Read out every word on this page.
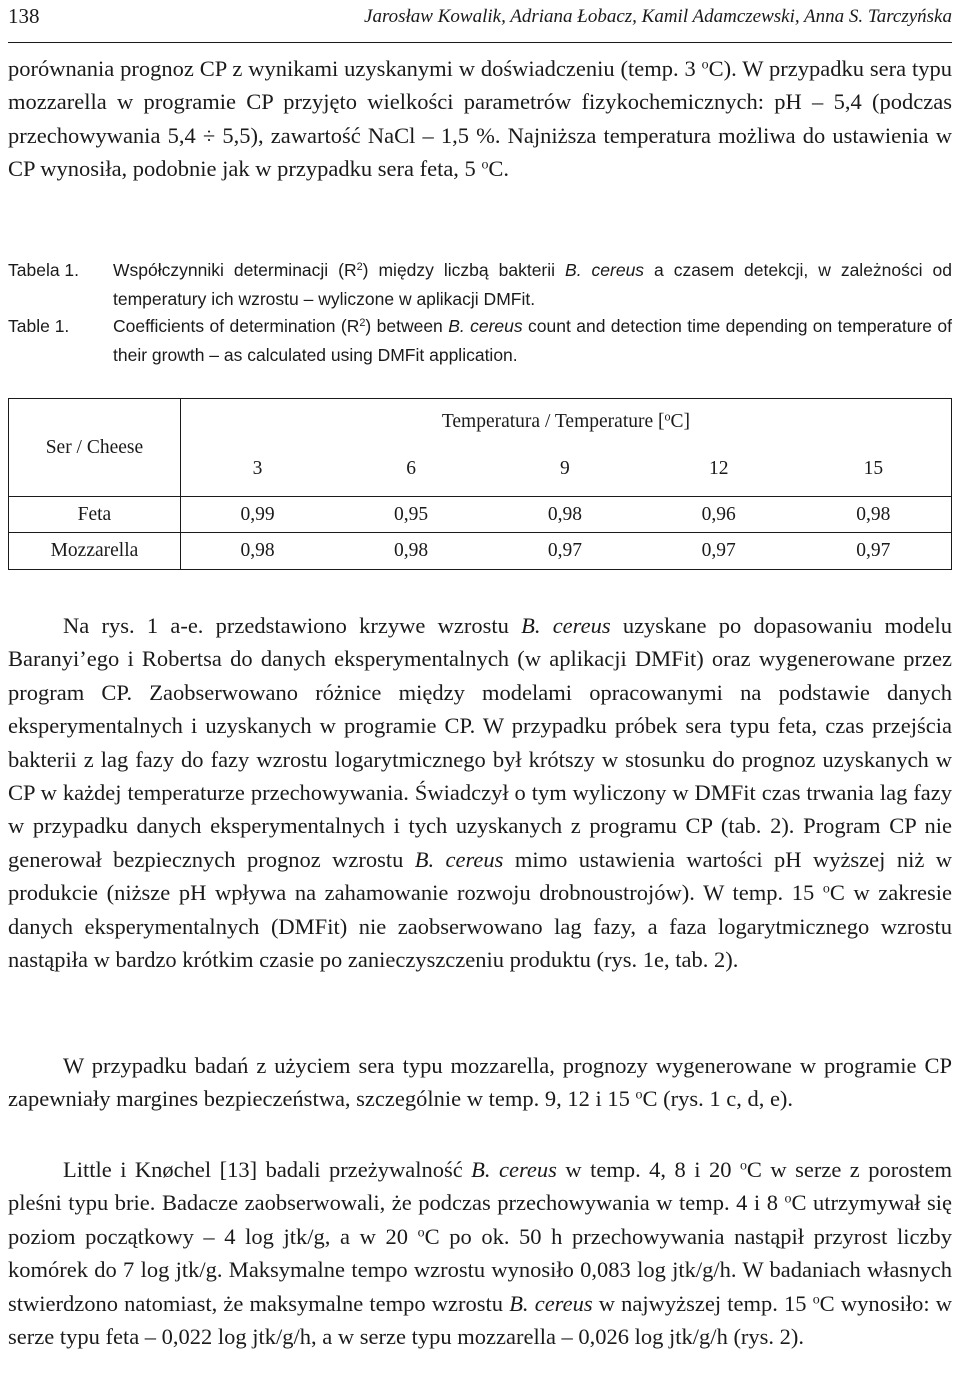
138	Jarosław Kowalik, Adriana Łobacz, Kamil Adamczewski, Anna S. Tarczyńska

porównania prognoz CP z wynikami uzyskanymi w doświadczeniu (temp. 3 $^o$C). W przypadku sera typu mozzarella w programie CP przyjęto wielkości parametrów fizykochemicznych: pH – 5,4 (podczas przechowywania 5,4 ÷ 5,5), zawartość NaCl – 1,5 %. Najniższa temperatura możliwa do ustawienia w CP wynosiła, podobnie jak w przypadku sera feta, 5 $^o$C.

Tabela 1.	Współczynniki determinacji $(R^2)$ między liczbą bakterii B. cereus a czasem detekcji, w zależności od temperatury ich wzrostu – wyliczone w aplikacji DMFit.
Table 1.	Coefficients of determination $(R^2)$ between B. cereus count and detection time depending on temperature of their growth – as calculated using DMFit application.
Ser / Cheese	Temperatura / Temperature [$^o$C]				
	3	6	9	12	15
Feta	0,99	0,95	0,98	0,96	0,98
Mozzarella	0,98	0,98	0,97	0,97	0,97

Na rys. 1 a-e. przedstawiono krzywe wzrostu B. cereus uzyskane po dopasowaniu modelu Baranyi’ego i Robertsa do danych eksperymentalnych (w aplikacji DMFit) oraz wygenerowane przez program CP. Zaobserwowano różnice między modelami opracowanymi na podstawie danych eksperymentalnych i uzyskanych w programie CP. W przypadku próbek sera typu feta, czas przejścia bakterii z lag fazy do fazy wzrostu logarytmicznego był krótszy w stosunku do prognoz uzyskanych w CP w każdej temperaturze przechowywania. Świadczył o tym wyliczony w DMFit czas trwania lag fazy w przypadku danych eksperymentalnych i tych uzyskanych z programu CP (tab. 2). Program CP nie generował bezpiecznych prognoz wzrostu B. cereus mimo ustawienia wartości pH wyższej niż w produkcie (niższe pH wpływa na zahamowanie rozwoju drobnoustrojów). W temp. 15 $^o$C w zakresie danych eksperymentalnych (DMFit) nie zaobserwowano lag fazy, a faza logarytmicznego wzrostu nastąpiła w bardzo krótkim czasie po zanieczyszczeniu produktu (rys. 1e, tab. 2).

W przypadku badań z użyciem sera typu mozzarella, prognozy wygenerowane w programie CP zapewniały margines bezpieczeństwa, szczególnie w temp. 9, 12 i 15 $^o$C (rys. 1 c, d, e).

Little i Knøchel [13] badali przeżywalność B. cereus w temp. 4, 8 i 20 $^o$C w serze z porostem pleśni typu brie. Badacze zaobserwowali, że podczas przechowywania w temp. 4 i 8 $^o$C utrzymywał się poziom początkowy – 4 log jtk/g, a w 20 $^o$C po ok. 50 h przechowywania nastąpił przyrost liczby komórek do 7 log jtk/g. Maksymalne tempo wzrostu wynosiło 0,083 log jtk/g/h. W badaniach własnych stwierdzono natomiast, że maksymalne tempo wzrostu B. cereus w najwyższej temp. 15 $^o$C wynosiło: w serze typu feta – 0,022 log jtk/g/h, a w serze typu mozzarella – 0,026 log jtk/g/h (rys. 2).
